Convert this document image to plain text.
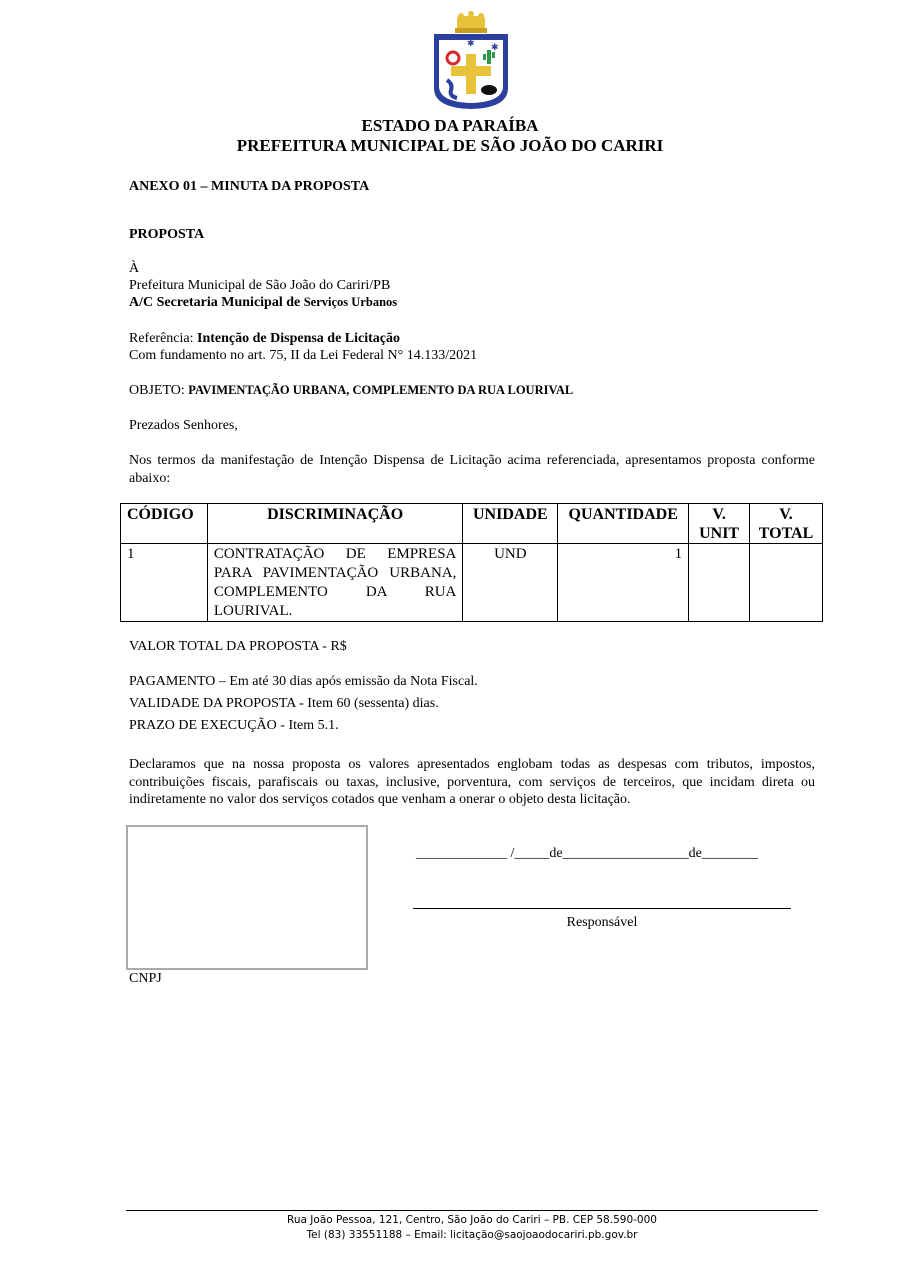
✱ ✱ ✱
ESTADO DA PARAÍBA
PREFEITURA MUNICIPAL DE SÃO JOÃO DO CARIRI
ANEXO 01 – MINUTA DA PROPOSTA
PROPOSTA
À
Prefeitura Municipal de São João do Cariri/PB
A/C Secretaria Municipal de Serviços Urbanos
Referência: Intenção de Dispensa de Licitação
Com fundamento no art. 75, II da Lei Federal N° 14.133/2021
OBJETO: PAVIMENTAÇÃO URBANA, COMPLEMENTO DA RUA LOURIVAL
Prezados Senhores,
Nos termos da manifestação de Intenção Dispensa de Licitação acima referenciada, apresentamos proposta conforme abaixo:
CÓDIGO	DISCRIMINAÇÃO	UNIDADE	QUANTIDADE	V. UNIT	V. TOTAL
1	CONTRATAÇÃO DE EMPRESA PARA PAVIMENTAÇÃO URBANA, COMPLEMENTO DA RUA LOURIVAL.	UND	1		
VALOR TOTAL DA PROPOSTA - R$
PAGAMENTO – Em até 30 dias após emissão da Nota Fiscal.
VALIDADE DA PROPOSTA - Item 60 (sessenta) dias.
PRAZO DE EXECUÇÃO - Item 5.1.
Declaramos que na nossa proposta os valores apresentados englobam todas as despesas com tributos, impostos, contribuições fiscais, parafiscais ou taxas, inclusive, porventura, com serviços de terceiros, que incidam direta ou indiretamente no valor dos serviços cotados que venham a onerar o objeto desta licitação.
CNPJ
_____________ /_____de__________________de________
Responsável
Rua João Pessoa, 121, Centro, São João do Cariri – PB. CEP 58.590-000
Tel (83) 33551188 – Email: licitação@saojoaodocariri.pb.gov.br
